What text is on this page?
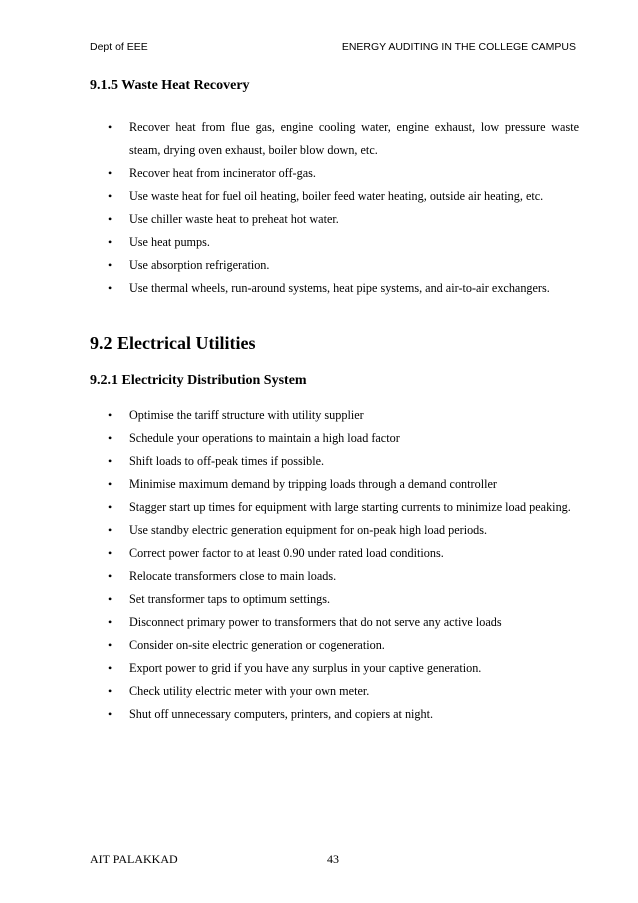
Dept of EEE	ENERGY AUDITING IN THE COLLEGE CAMPUS
9.1.5 Waste Heat Recovery
• Recover heat from flue gas, engine cooling water, engine exhaust, low pressure waste steam, drying oven exhaust, boiler blow down, etc.
• Recover heat from incinerator off-gas.
• Use waste heat for fuel oil heating, boiler feed water heating, outside air heating, etc.
• Use chiller waste heat to preheat hot water.
• Use heat pumps.
• Use absorption refrigeration.
• Use thermal wheels, run-around systems, heat pipe systems, and air-to-air exchangers.
9.2 Electrical Utilities
9.2.1 Electricity Distribution System
• Optimise the tariff structure with utility supplier
• Schedule your operations to maintain a high load factor
• Shift loads to off-peak times if possible.
• Minimise maximum demand by tripping loads through a demand controller
• Stagger start up times for equipment with large starting currents to minimize load peaking.
• Use standby electric generation equipment for on-peak high load periods.
• Correct power factor to at least 0.90 under rated load conditions.
• Relocate transformers close to main loads.
• Set transformer taps to optimum settings.
• Disconnect primary power to transformers that do not serve any active loads
• Consider on-site electric generation or cogeneration.
• Export power to grid if you have any surplus in your captive generation.
• Check utility electric meter with your own meter.
• Shut off unnecessary computers, printers, and copiers at night.
AIT PALAKKAD	43
